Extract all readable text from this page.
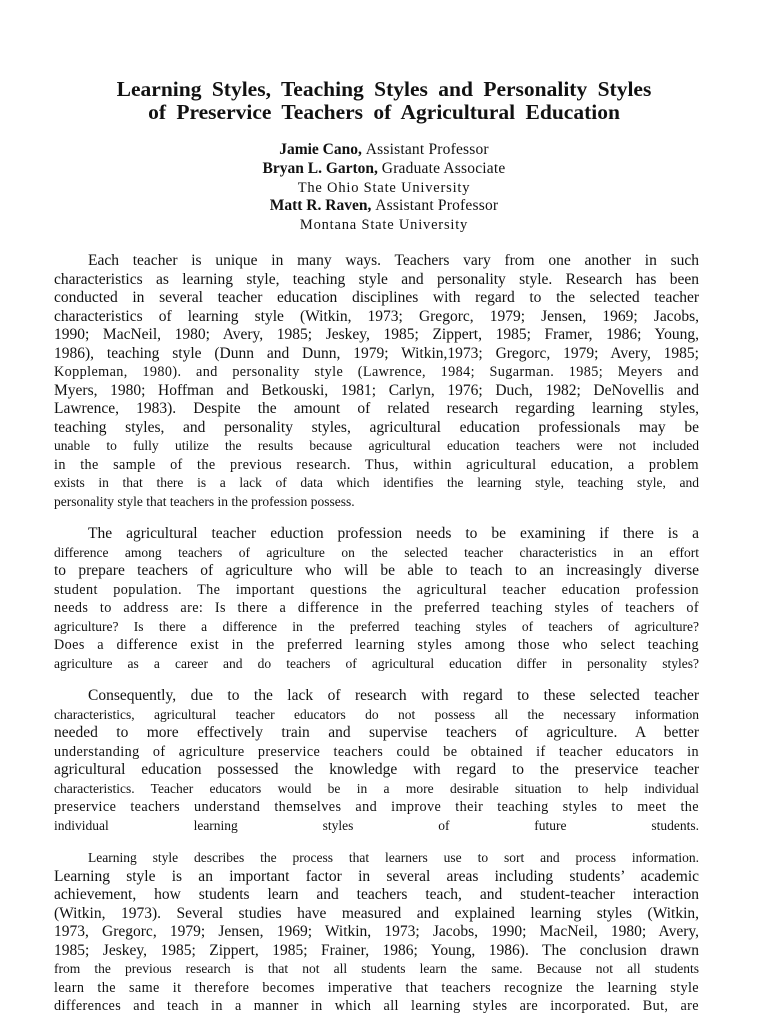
Learning Styles, Teaching Styles and Personality Styles
of Preservice Teachers of Agricultural Education
Jamie Cano, Assistant Professor
Bryan L. Garton, Graduate Associate
The Ohio State University
Matt R. Raven, Assistant Professor
Montana State University
Each teacher is unique in many ways. Teachers vary from one another in such
characteristics as learning style, teaching style and personality style. Research has been
conducted in several teacher education disciplines with regard to the selected teacher
characteristics of learning style (Witkin, 1973; Gregorc, 1979; Jensen, 1969; Jacobs,
1990; MacNeil, 1980; Avery, 1985; Jeskey, 1985; Zippert, 1985; Framer, 1986; Young,
1986), teaching style (Dunn and Dunn, 1979; Witkin,1973; Gregorc, 1979; Avery, 1985;
Koppleman, 1980). and personality style (Lawrence, 1984; Sugarman. 1985; Meyers and
Myers, 1980; Hoffman and Betkouski, 1981; Carlyn, 1976; Duch, 1982; DeNovellis and
Lawrence, 1983). Despite the amount of related research regarding learning styles,
teaching styles, and personality styles, agricultural education professionals may be
unable to fully utilize the results because agricultural education teachers were not included
in the sample of the previous research. Thus, within agricultural education, a problem
exists in that there is a lack of data which identifies the learning style, teaching style, and
personality style that teachers in the profession possess.
The agricultural teacher eduction profession needs to be examining if there is a
difference among teachers of agriculture on the selected teacher characteristics in an effort
to prepare teachers of agriculture who will be able to teach to an increasingly diverse
student population. The important questions the agricultural teacher education profession
needs to address are: Is there a difference in the preferred teaching styles of teachers of
agriculture? Is there a difference in the preferred teaching styles of teachers of agriculture?
Does a difference exist in the preferred learning styles among those who select teaching
agriculture as a career and do teachers of agricultural education differ in personality styles?
Consequently, due to the lack of research with regard to these selected teacher
characteristics, agricultural teacher educators do not possess all the necessary information
needed to more effectively train and supervise teachers of agriculture. A better
understanding of agriculture preservice teachers could be obtained if teacher educators in
agricultural education possessed the knowledge with regard to the preservice teacher
characteristics. Teacher educators would be in a more desirable situation to help individual
preservice teachers understand themselves and improve their teaching styles to meet the
individual learning styles of future students.
Learning style describes the process that learners use to sort and process information.
Learning style is an important factor in several areas including students’ academic
achievement, how students learn and teachers teach, and student-teacher interaction
(Witkin, 1973). Several studies have measured and explained learning styles (Witkin,
1973, Gregorc, 1979; Jensen, 1969; Witkin, 1973; Jacobs, 1990; MacNeil, 1980; Avery,
1985; Jeskey, 1985; Zippert, 1985; Frainer, 1986; Young, 1986). The conclusion drawn
from the previous research is that not all students learn the same. Because not all students
learn the same it therefore becomes imperative that teachers recognize the learning style
differences and teach in a manner in which all learning styles are incorporated. But, are
